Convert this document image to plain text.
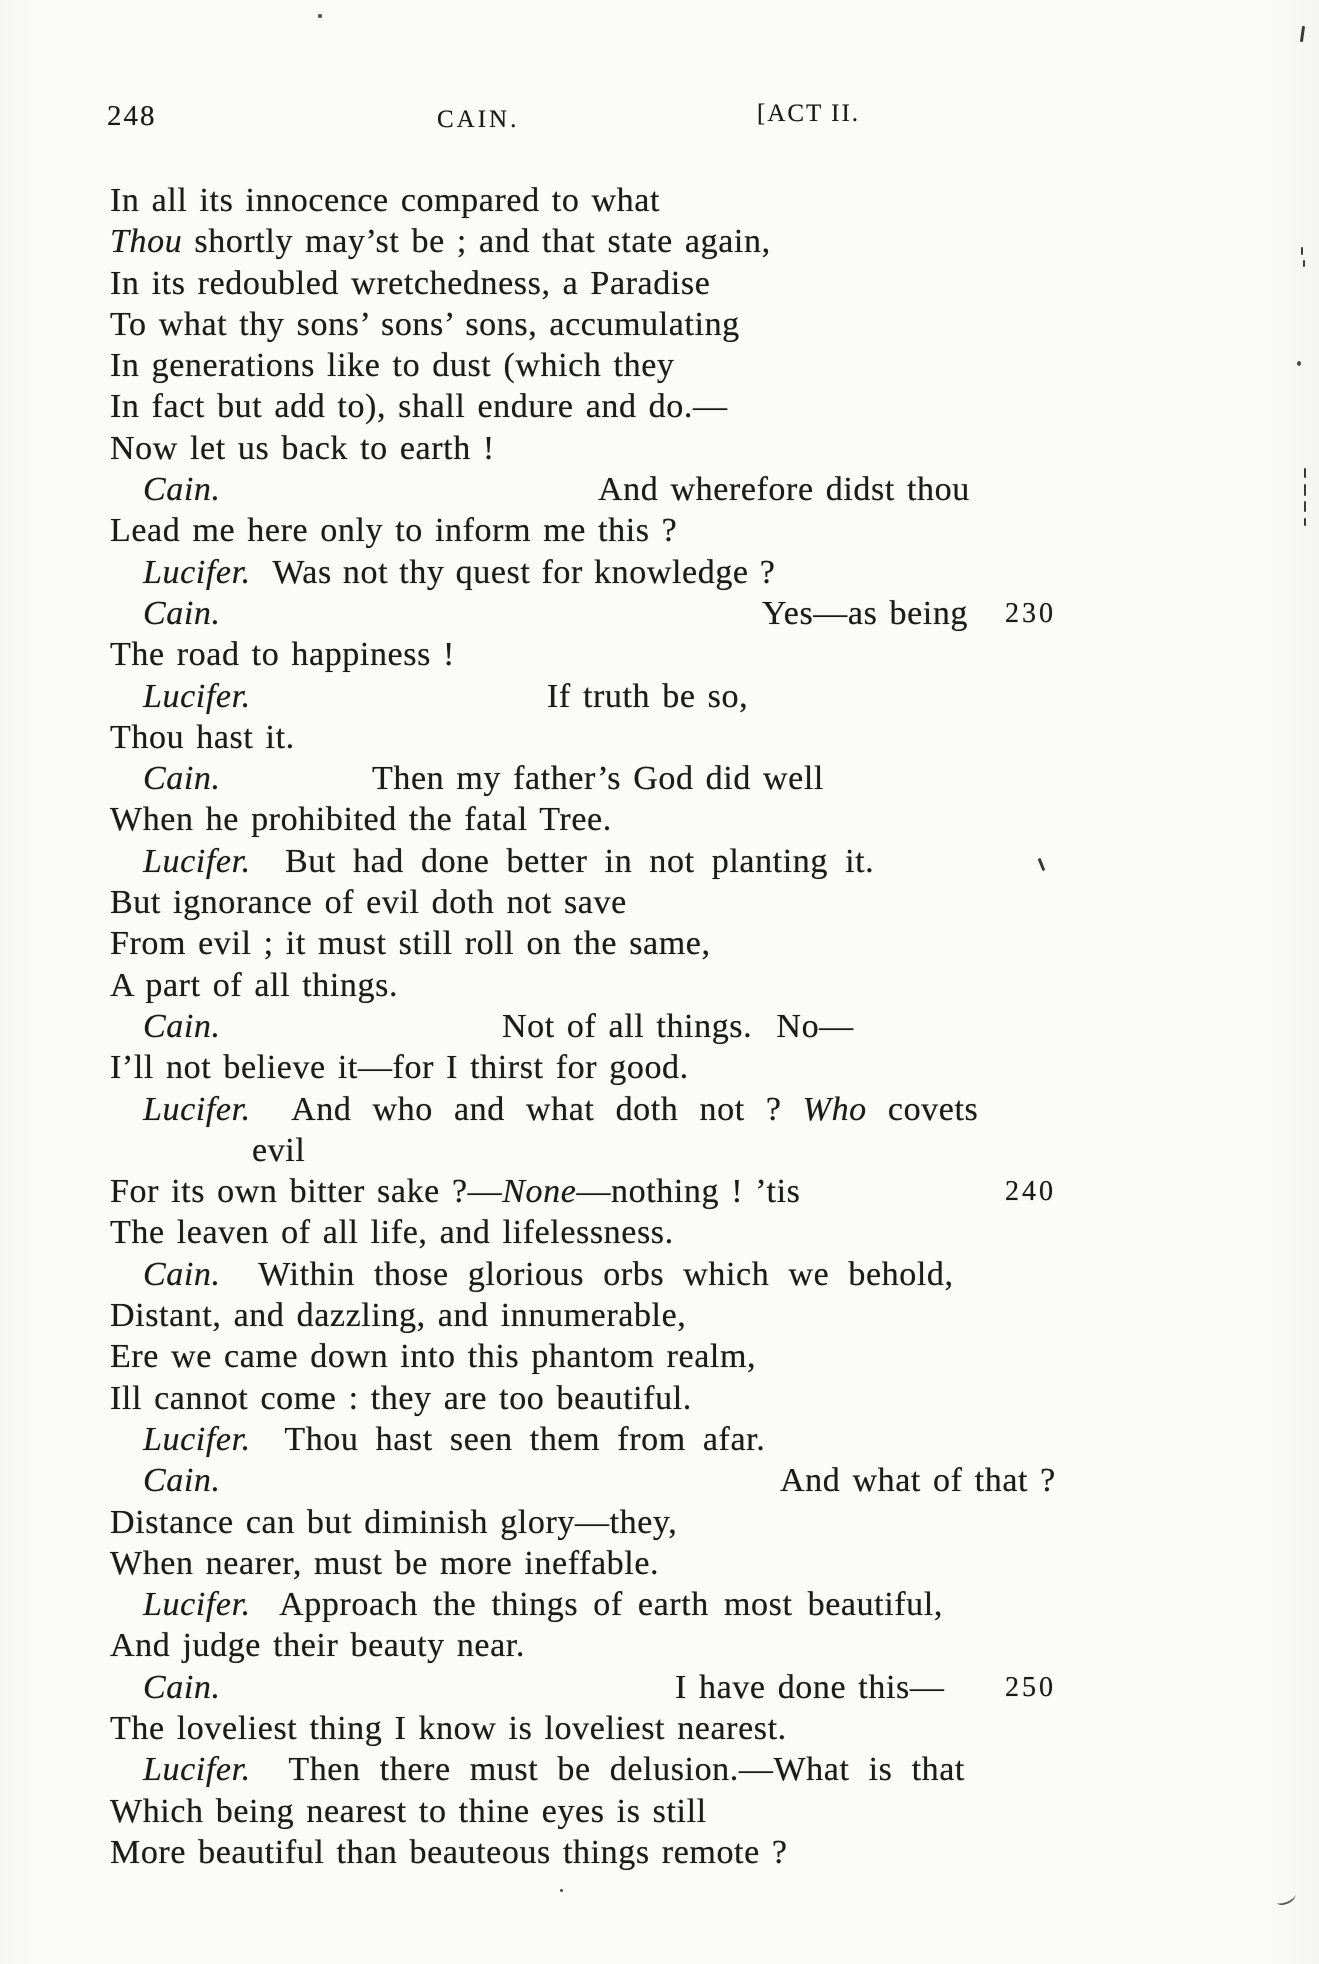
248	CAIN.	[ACT II.
In all its innocence compared to what
Thou shortly may’st be ; and that state again,
In its redoubled wretchedness, a Paradise
To what thy sons’ sons’ sons, accumulating
In generations like to dust (which they
In fact but add to), shall endure and do.—
Now let us back to earth !
Cain.	And wherefore didst thou
Lead me here only to inform me this ?
Lucifer.  Was not thy quest for knowledge ?
Cain.	Yes—as being 230
The road to happiness !
Lucifer.	If truth be so,
Thou hast it.
Cain.	Then my father’s God did well
When he prohibited the fatal Tree.
Lucifer.  But had done better in not planting it.
But ignorance of evil doth not save
From evil ; it must still roll on the same,
A part of all things.
Cain.	Not of all things.  No—
I’ll not believe it—for I thirst for good.
Lucifer.  And who and what doth not ? Who covets
evil
For its own bitter sake ?—None—nothing ! ’tis	240
The leaven of all life, and lifelessness.
Cain.  Within those glorious orbs which we behold,
Distant, and dazzling, and innumerable,
Ere we came down into this phantom realm,
Ill cannot come : they are too beautiful.
Lucifer.  Thou hast seen them from afar.
Cain.	And what of that ?
Distance can but diminish glory—they,
When nearer, must be more ineffable.
Lucifer.  Approach the things of earth most beautiful,
And judge their beauty near.
Cain.	I have done this— 250
The loveliest thing I know is loveliest nearest.
Lucifer.  Then there must be delusion.—What is that
Which being nearest to thine eyes is still
More beautiful than beauteous things remote ?
